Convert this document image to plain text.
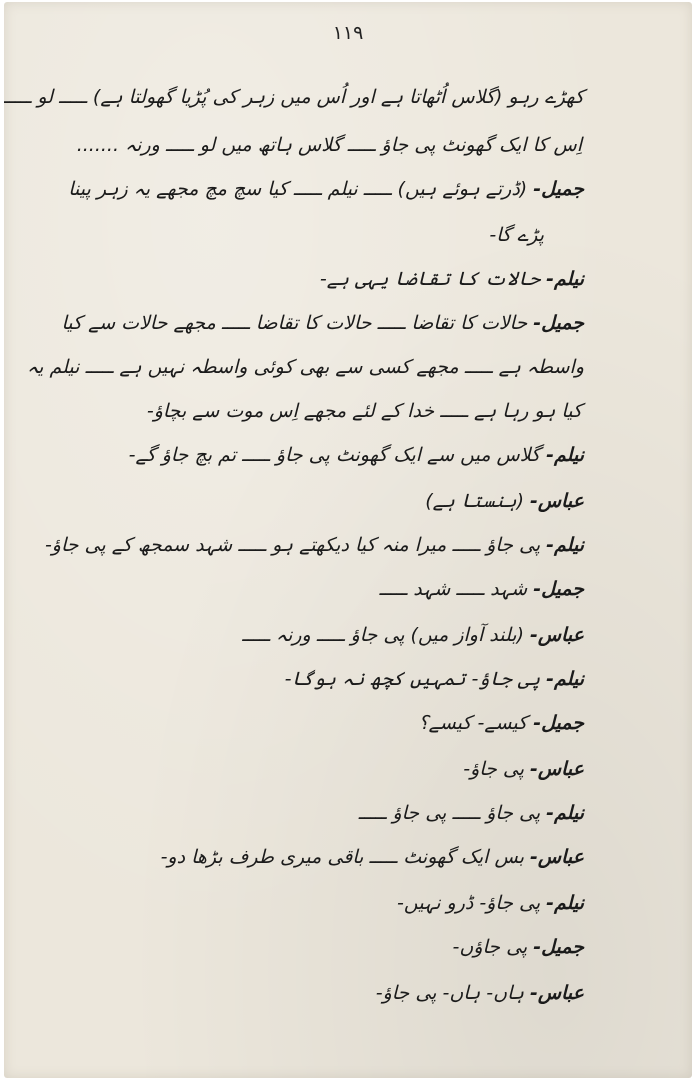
۱۱۹
کھڑے رہو (گلاس اُٹھاتا ہے اور اُس میں زہر کی پُڑیا گھولتا ہے) ـــــ لو ـــــ
اِس کا ایک گھونٹ پی جاؤ ـــــ گلاس ہاتھ میں لو ـــــ ورنہ .......
جمیل- (ڈرتے ہوئے ہیں) ـــــ نیلم ـــــ کیا سچ مچ مجھے یہ زہر پینا
پڑے گا-
نیلم- حالات کا تقاضا یہی ہے-
جمیل- حالات کا تقاضا ـــــ حالات کا تقاضا ـــــ مجھے حالات سے کیا
واسطہ ہے ـــــ مجھے کسی سے بھی کوئی واسطہ نہیں ہے ـــــ نیلم یہ
کیا ہو رہا ہے ـــــ خدا کے لئے مجھے اِس موت سے بچاؤ-
نیلم- گلاس میں سے ایک گھونٹ پی جاؤ ـــــ تم بچ جاؤ گے-
عباس- (ہنستا ہے)
نیلم- پی جاؤ ـــــ میرا منہ کیا دیکھتے ہو ـــــ شہد سمجھ کے پی جاؤ-
جمیل- شہد ـــــ شہد ـــــ
عباس- (بلند آواز میں) پی جاؤ ـــــ ورنہ ـــــ
نیلم- پی جاؤ- تمہیں کچھ نہ ہوگا-
جمیل- کیسے- کیسے؟
عباس- پی جاؤ-
نیلم- پی جاؤ ـــــ پی جاؤ ـــــ
عباس- بس ایک گھونٹ ـــــ باقی میری طرف بڑھا دو-
نیلم- پی جاؤ- ڈرو نہیں-
جمیل- پی جاؤں-
عباس- ہاں- ہاں- پی جاؤ-
